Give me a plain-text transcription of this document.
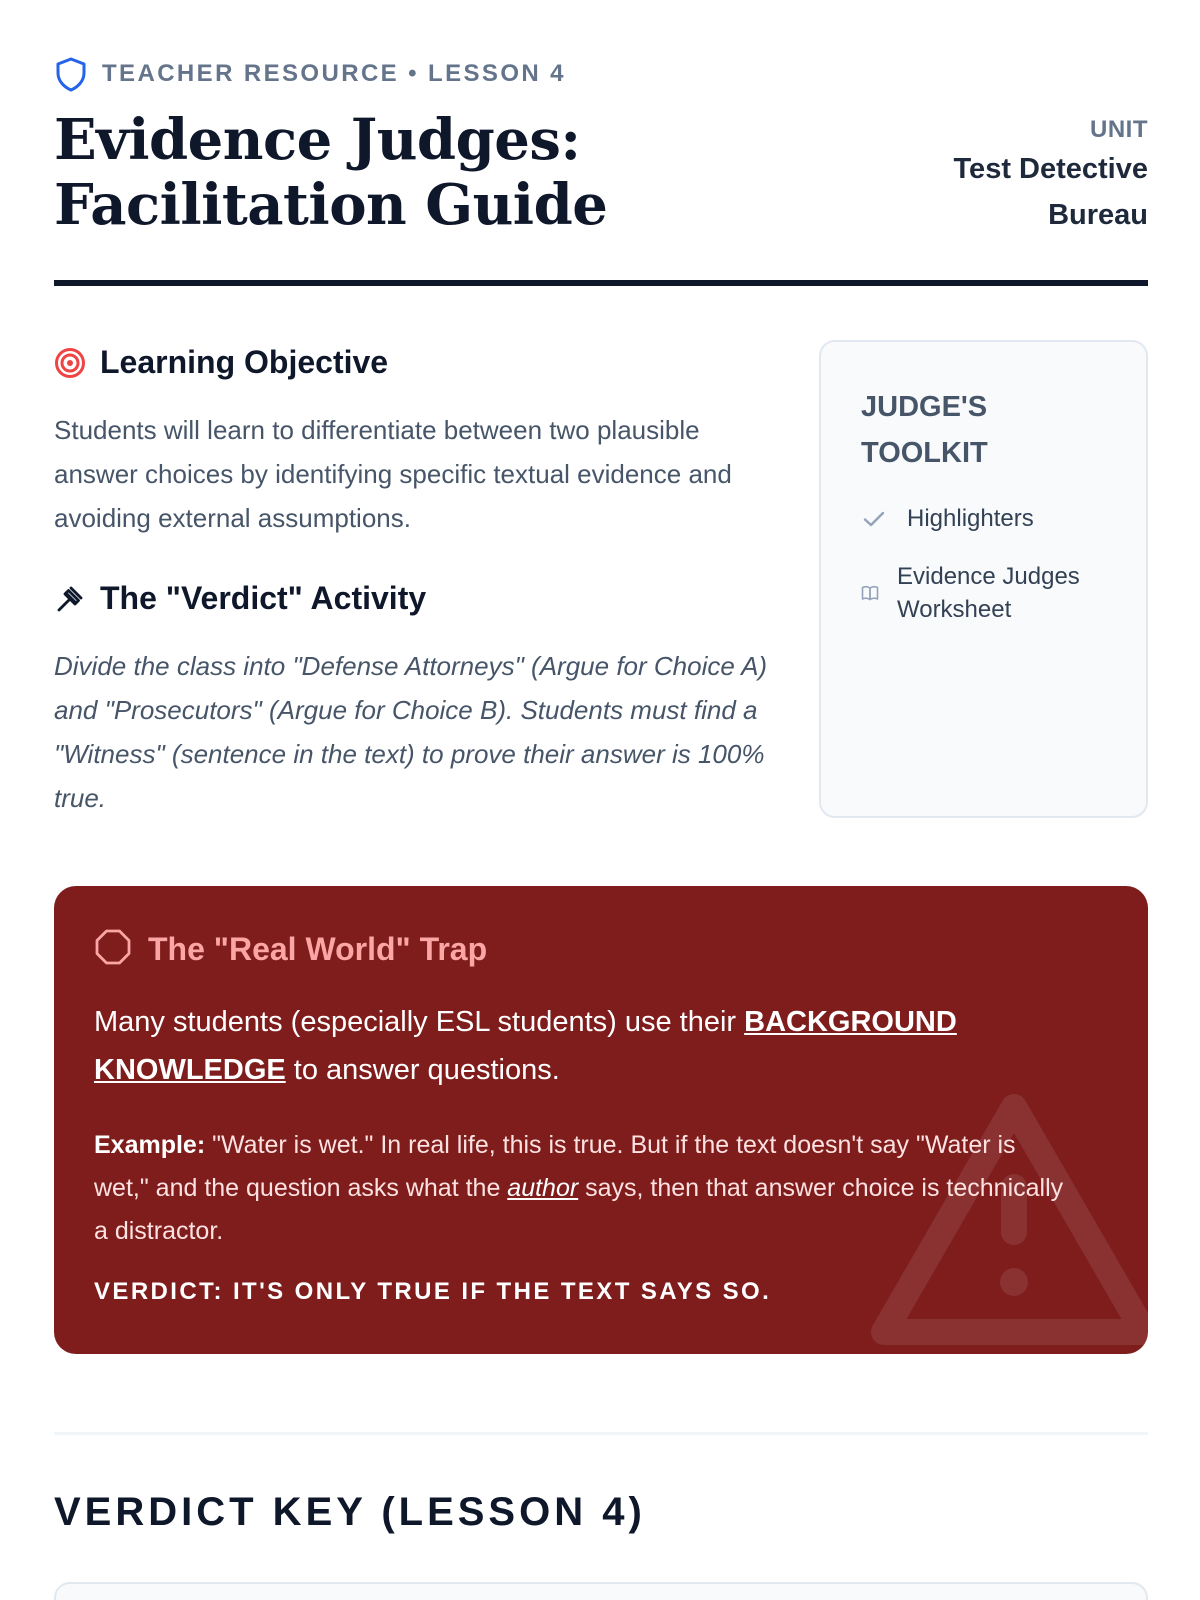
TEACHER RESOURCE • LESSON 4
Evidence Judges:
Facilitation Guide
UNIT
Test Detective
Bureau
Learning Objective

Students will learn to differentiate between two plausible answer choices by identifying specific textual evidence and avoiding external assumptions.

The "Verdict" Activity

Divide the class into "Defense Attorneys" (Argue for Choice A) and "Prosecutors" (Argue for Choice B). Students must find a "Witness" (sentence in the text) to prove their answer is 100% true.

JUDGE'S
TOOLKIT
Highlighters
Evidence Judges
Worksheet
The "Real World" Trap

Many students (especially ESL students) use their BACKGROUND KNOWLEDGE to answer questions.

Example: "Water is wet." In real life, this is true. But if the text doesn't say "Water is wet," and the question asks what the author says, then that answer choice is technically a distractor.

VERDICT: IT'S ONLY TRUE IF THE TEXT SAYS SO.
VERDICT KEY (LESSON 4)
